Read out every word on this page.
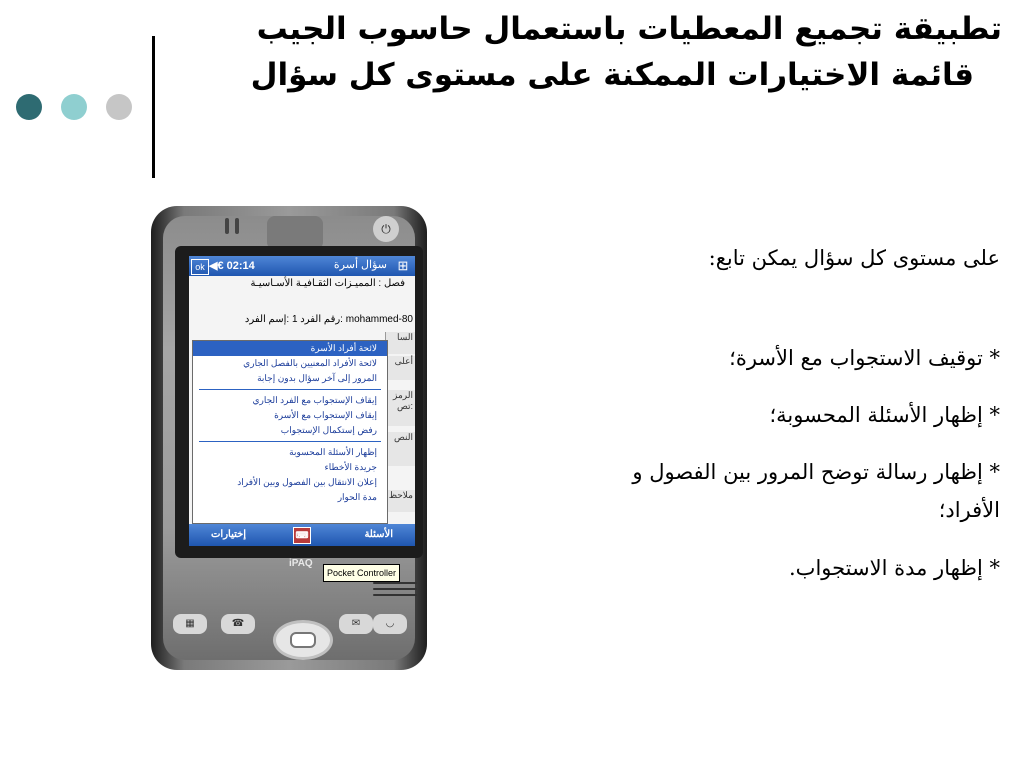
تطبيقة تجميع المعطيات باستعمال حاسوب الجيب
قائمة الاختيارات الممكنة على مستوى كل سؤال
⏻
iPAQ
Pocket Controller
▦	☎	✉	◡
⊞
سؤال أسرة
◀€ 02:14
ok
فصل : المميـزات الثقـافيـة الأسـاسيـة
mohammed-80 :رقم الفرد 1 :إسم الفرد
السا
أعلى
الرمز :تص
النص
ملاحظ
لائحة أفراد الأسرة
لائحة الأفراد المعنيين بالفصل الجاري
المرور إلى آخر سؤال بدون إجابة
إيقاف الإستجواب مع الفرد الجاري
إيقاف الإستجواب مع الأسرة
رفض إستكمال الإستجواب
إظهار الأسئلة المحسوبة
جريدة الأخطاء
إعلان الانتقال بين الفصول وبين الأفراد
مدة الحوار
الأسئلة
⌨
إختيارات
على مستوى كل سؤال يمكن تابع:
* توقيف الاستجواب مع الأسرة؛
* إظهار الأسئلة المحسوبة؛
* إظهار رسالة توضح المرور بين الفصول و
الأفراد؛
* إظهار مدة الاستجواب.
